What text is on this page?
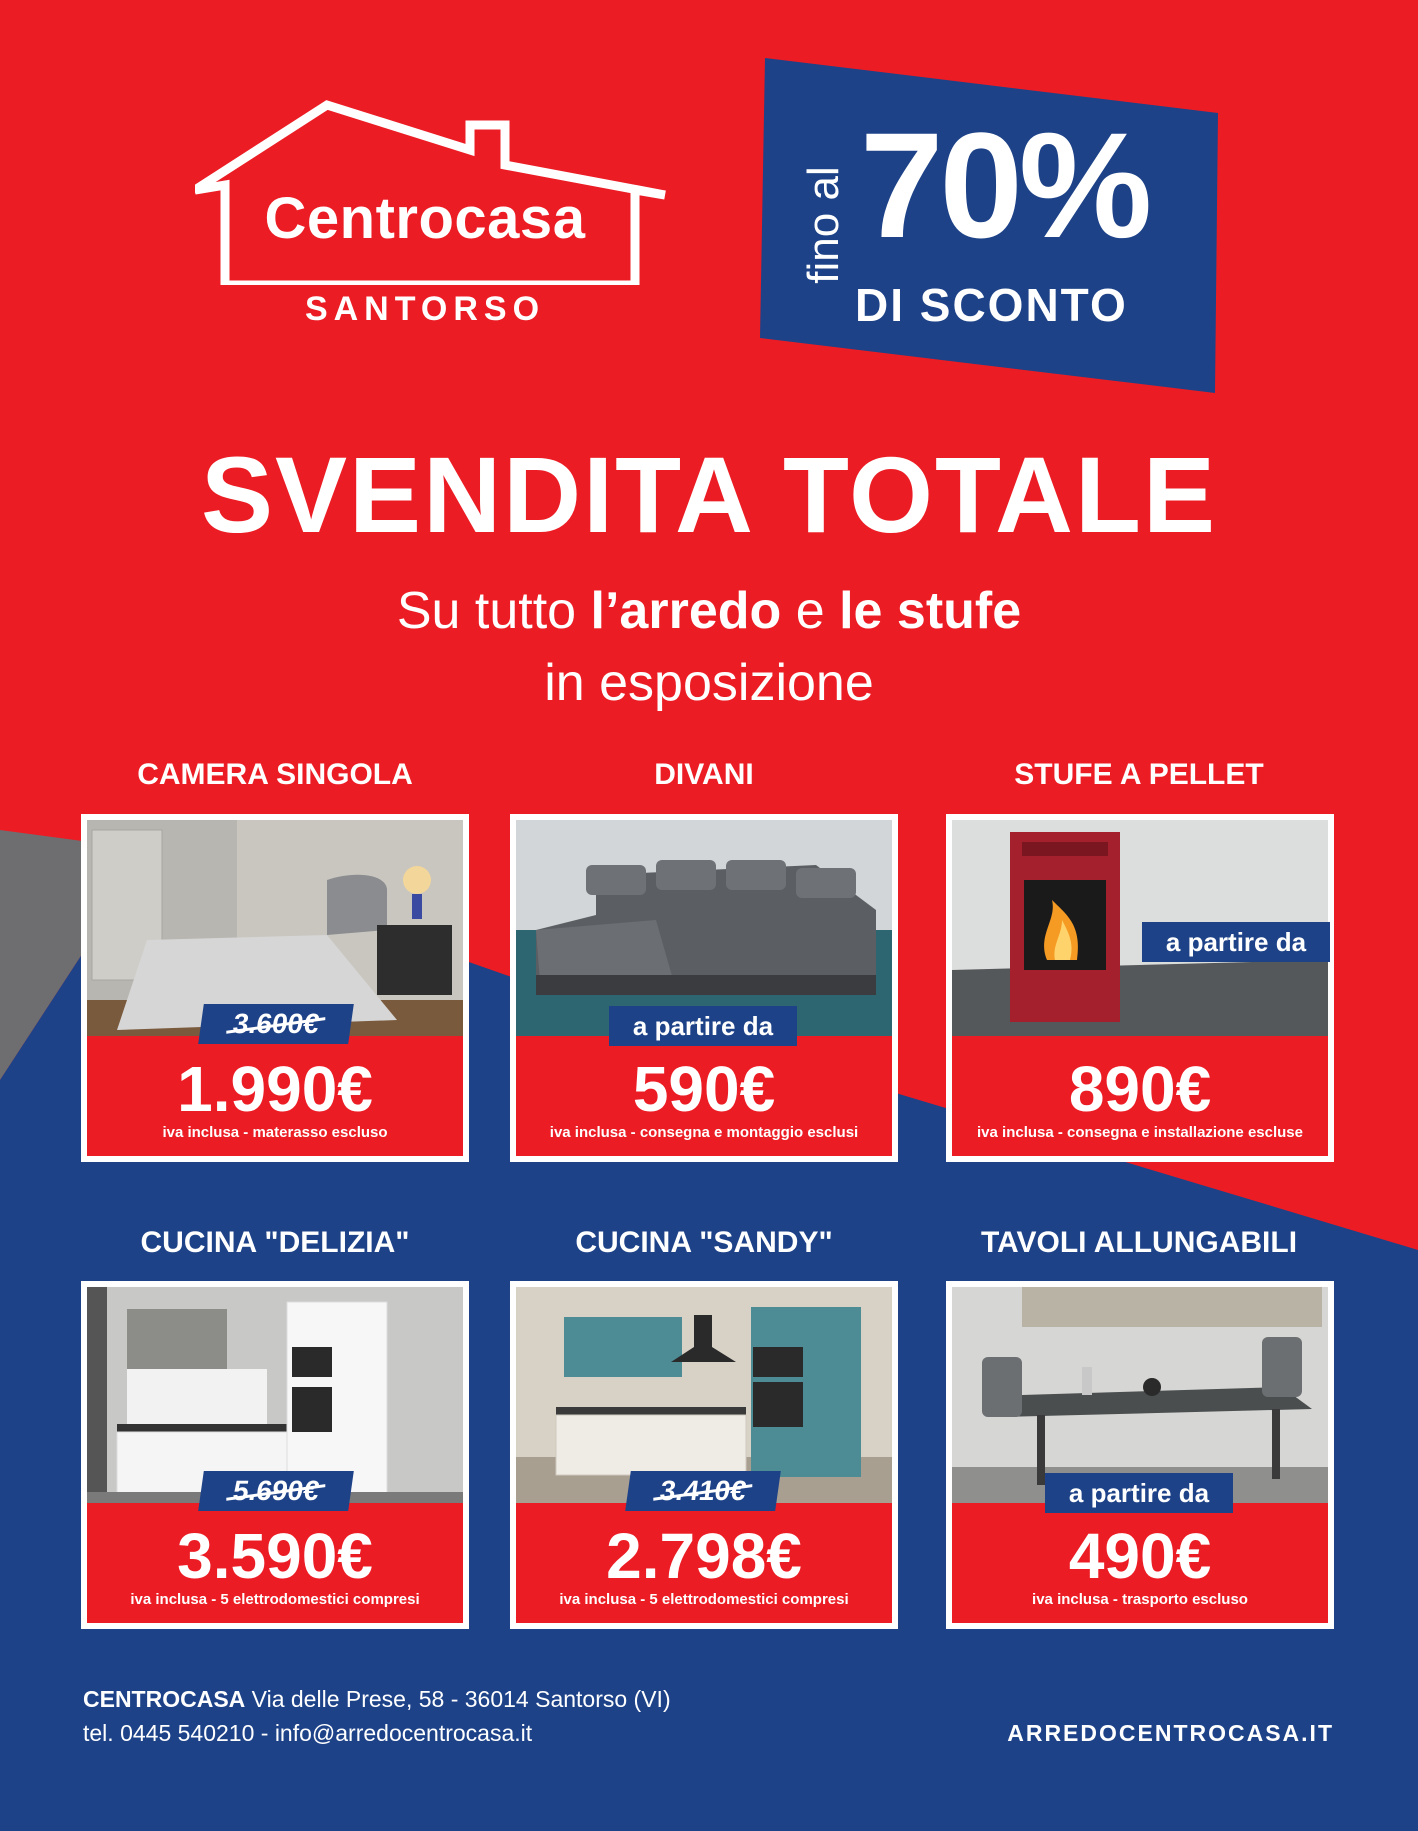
Centrocasa
SANTORSO
fino al 70%
DI SCONTO
SVENDITA TOTALE
Su tutto l’arredo e le stufe
in esposizione
CAMERA SINGOLA
1.990€
iva inclusa - materasso escluso
3.600€
DIVANI
590€
iva inclusa - consegna e montaggio esclusi
a partire da
STUFE A PELLET
890€
iva inclusa - consegna e installazione escluse
a partire da
CUCINA "DELIZIA"
3.590€
iva inclusa - 5 elettrodomestici compresi
5.690€
CUCINA "SANDY"
2.798€
iva inclusa - 5 elettrodomestici compresi
3.410€
TAVOLI ALLUNGABILI
490€
iva inclusa - trasporto escluso
a partire da
CENTROCASA Via delle Prese, 58 - 36014 Santorso (VI)
tel. 0445 540210 - info@arredocentrocasa.it	ARREDOCENTROCASA.IT
